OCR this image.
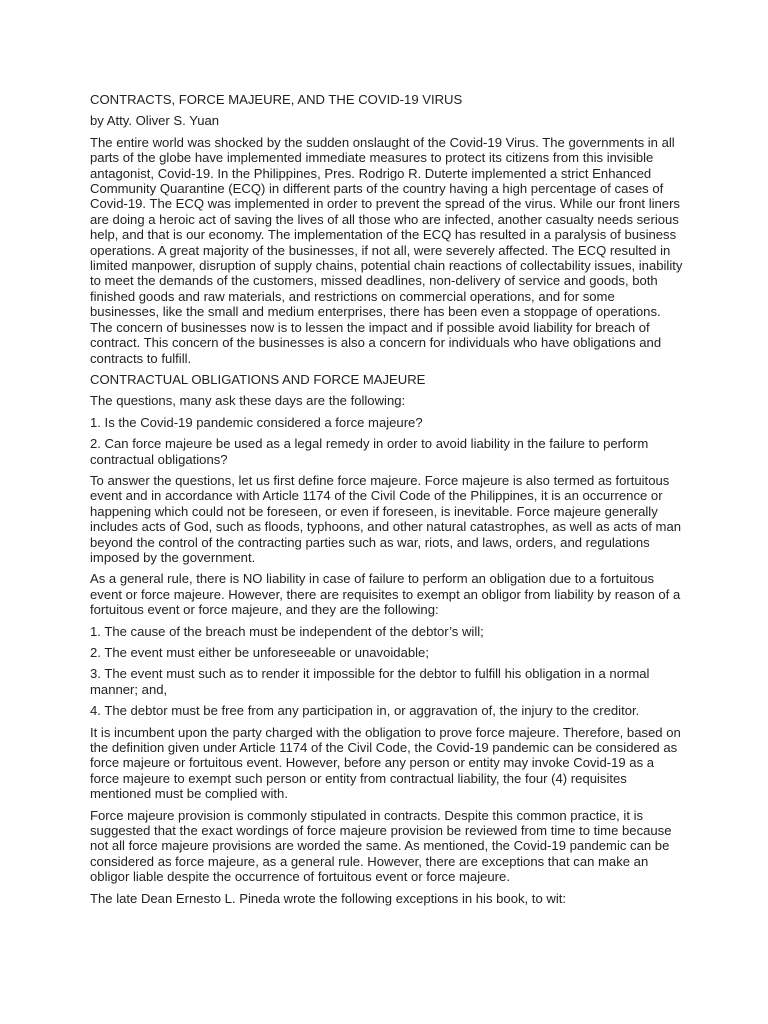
CONTRACTS, FORCE MAJEURE, AND THE COVID-19 VIRUS

by Atty. Oliver S. Yuan

The entire world was shocked by the sudden onslaught of the Covid-19 Virus. The governments in all parts of the globe have implemented immediate measures to protect its citizens from this invisible antagonist, Covid-19. In the Philippines, Pres. Rodrigo R. Duterte implemented a strict Enhanced Community Quarantine (ECQ) in different parts of the country having a high percentage of cases of Covid-19. The ECQ was implemented in order to prevent the spread of the virus. While our front liners are doing a heroic act of saving the lives of all those who are infected, another casualty needs serious help, and that is our economy. The implementation of the ECQ has resulted in a paralysis of business operations. A great majority of the businesses, if not all, were severely affected. The ECQ resulted in limited manpower, disruption of supply chains, potential chain reactions of collectability issues, inability to meet the demands of the customers, missed deadlines, non-delivery of service and goods, both finished goods and raw materials, and restrictions on commercial operations, and for some businesses, like the small and medium enterprises, there has been even a stoppage of operations. The concern of businesses now is to lessen the impact and if possible avoid liability for breach of contract. This concern of the businesses is also a concern for individuals who have obligations and contracts to fulfill.

CONTRACTUAL OBLIGATIONS AND FORCE MAJEURE

The questions, many ask these days are the following:

1. Is the Covid-19 pandemic considered a force majeure?

2. Can force majeure be used as a legal remedy in order to avoid liability in the failure to perform contractual obligations?

To answer the questions, let us first define force majeure. Force majeure is also termed as fortuitous event and in accordance with Article 1174 of the Civil Code of the Philippines, it is an occurrence or happening which could not be foreseen, or even if foreseen, is inevitable. Force majeure generally includes acts of God, such as floods, typhoons, and other natural catastrophes, as well as acts of man beyond the control of the contracting parties such as war, riots, and laws, orders, and regulations imposed by the government.

As a general rule, there is NO liability in case of failure to perform an obligation due to a fortuitous event or force majeure. However, there are requisites to exempt an obligor from liability by reason of a fortuitous event or force majeure, and they are the following:

1. The cause of the breach must be independent of the debtor’s will;

2. The event must either be unforeseeable or unavoidable;

3. The event must such as to render it impossible for the debtor to fulfill his obligation in a normal manner; and,

4. The debtor must be free from any participation in, or aggravation of, the injury to the creditor.

It is incumbent upon the party charged with the obligation to prove force majeure. Therefore, based on the definition given under Article 1174 of the Civil Code, the Covid-19 pandemic can be considered as force majeure or fortuitous event. However, before any person or entity may invoke Covid-19 as a force majeure to exempt such person or entity from contractual liability, the four (4) requisites mentioned must be complied with.

Force majeure provision is commonly stipulated in contracts. Despite this common practice, it is suggested that the exact wordings of force majeure provision be reviewed from time to time because not all force majeure provisions are worded the same. As mentioned, the Covid-19 pandemic can be considered as force majeure, as a general rule. However, there are exceptions that can make an obligor liable despite the occurrence of fortuitous event or force majeure.

The late Dean Ernesto L. Pineda wrote the following exceptions in his book, to wit:
